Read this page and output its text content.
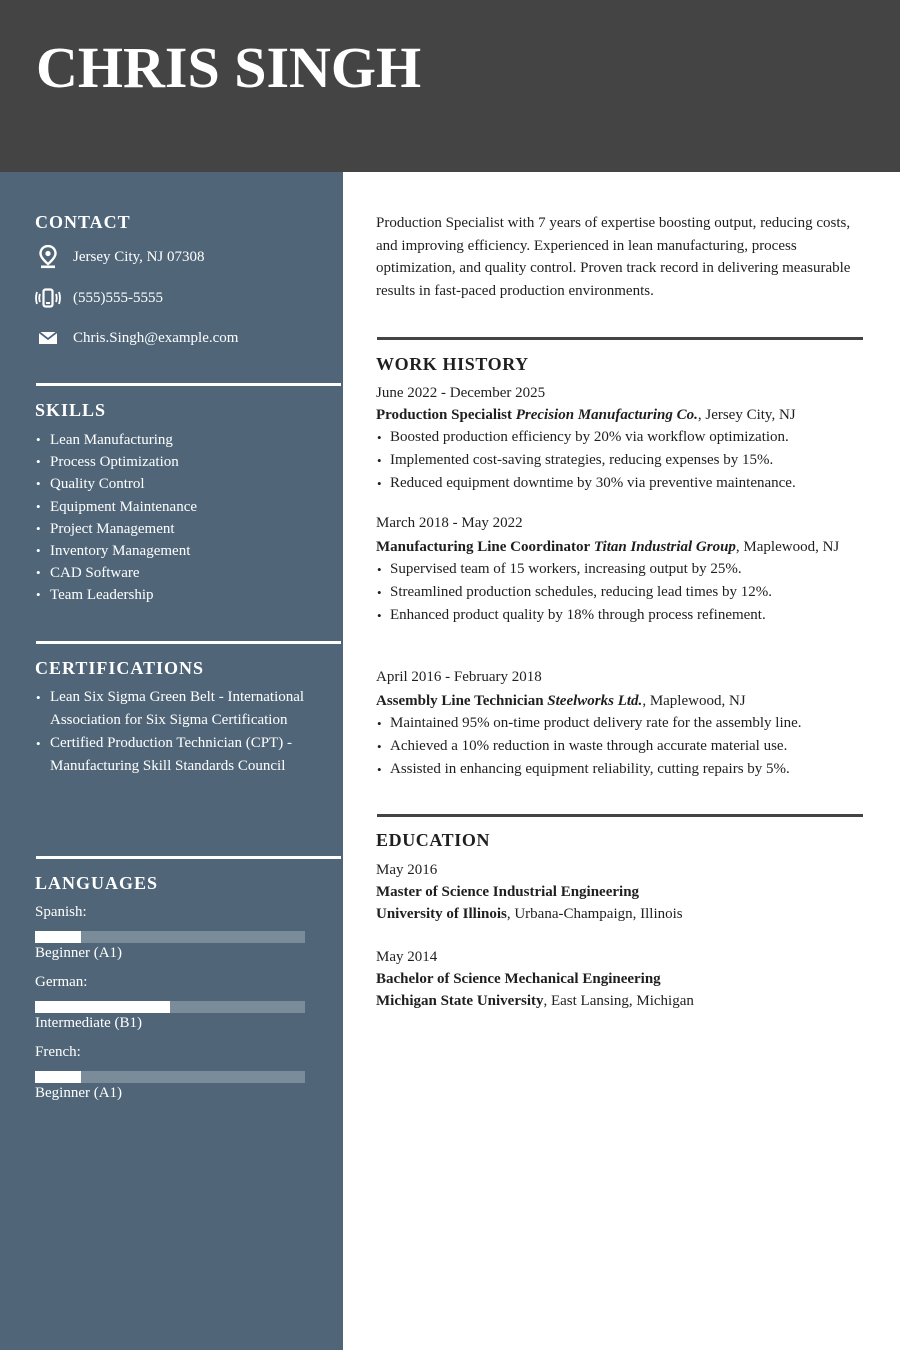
CHRIS SINGH
CONTACT
Jersey City, NJ 07308
(555)555-5555
Chris.Singh@example.com
SKILLS
• Lean Manufacturing
• Process Optimization
• Quality Control
• Equipment Maintenance
• Project Management
• Inventory Management
• CAD Software
• Team Leadership
CERTIFICATIONS
• Lean Six Sigma Green Belt - International Association for Six Sigma Certification
• Certified Production Technician (CPT) - Manufacturing Skill Standards Council
LANGUAGES
Spanish:
Beginner (A1)
German:
Intermediate (B1)
French:
Beginner (A1)
Production Specialist with 7 years of expertise boosting output, reducing costs, and improving efficiency. Experienced in lean manufacturing, process optimization, and quality control. Proven track record in delivering measurable results in fast-paced production environments.
WORK HISTORY
June 2022 - December 2025
Production Specialist Precision Manufacturing Co., Jersey City, NJ
• Boosted production efficiency by 20% via workflow optimization.
• Implemented cost-saving strategies, reducing expenses by 15%.
• Reduced equipment downtime by 30% via preventive maintenance.
March 2018 - May 2022
Manufacturing Line Coordinator Titan Industrial Group, Maplewood, NJ
• Supervised team of 15 workers, increasing output by 25%.
• Streamlined production schedules, reducing lead times by 12%.
• Enhanced product quality by 18% through process refinement.
April 2016 - February 2018
Assembly Line Technician Steelworks Ltd., Maplewood, NJ
• Maintained 95% on-time product delivery rate for the assembly line.
• Achieved a 10% reduction in waste through accurate material use.
• Assisted in enhancing equipment reliability, cutting repairs by 5%.
EDUCATION
May 2016
Master of Science Industrial Engineering
University of Illinois, Urbana-Champaign, Illinois
May 2014
Bachelor of Science Mechanical Engineering
Michigan State University, East Lansing, Michigan
